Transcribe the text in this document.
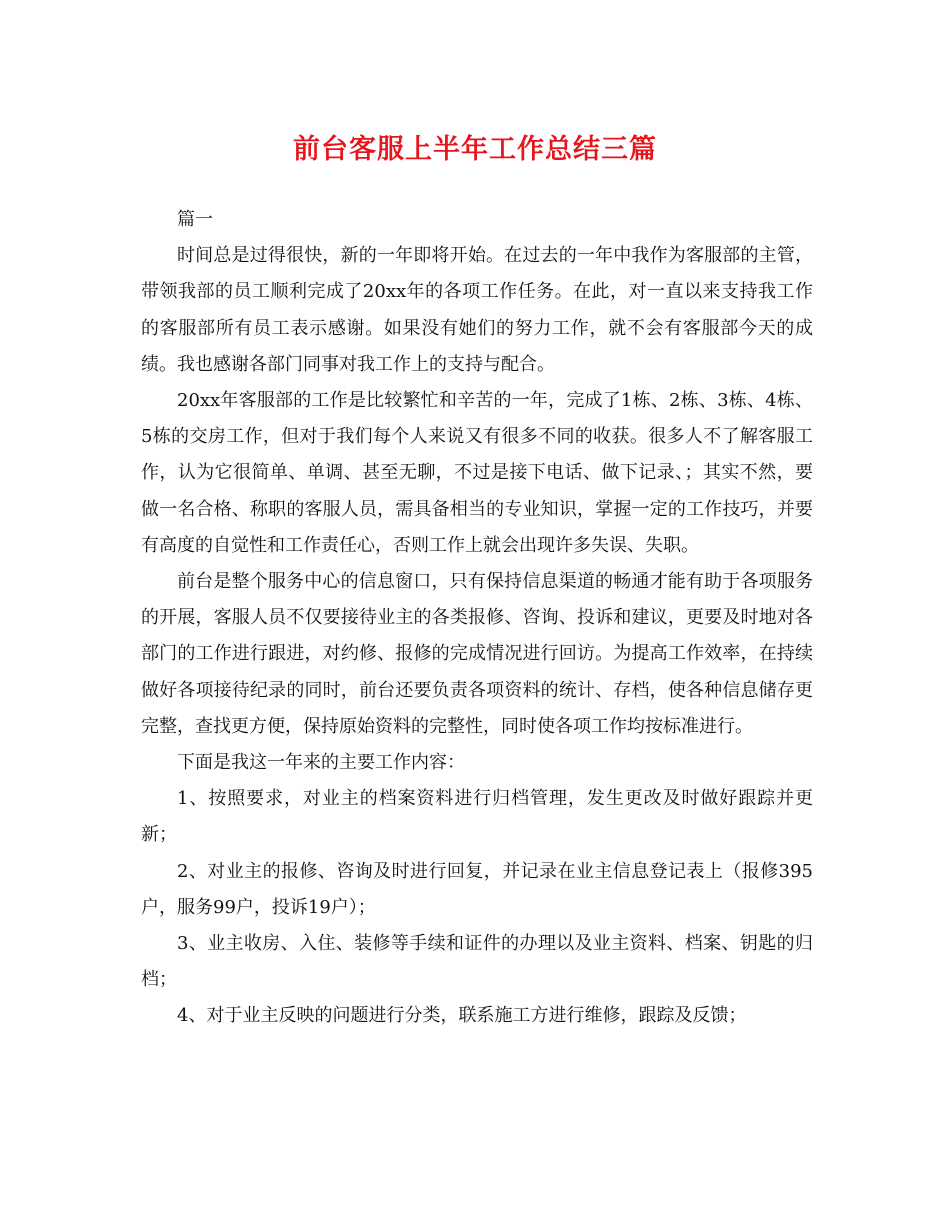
前台客服上半年工作总结三篇

篇一

时间总是过得很快，新的一年即将开始。在过去的一年中我作为客服部的主管，带领我部的员工顺利完成了20xx年的各项工作任务。在此，对一直以来支持我工作的客服部所有员工表示感谢。如果没有她们的努力工作，就不会有客服部今天的成绩。我也感谢各部门同事对我工作上的支持与配合。

20xx年客服部的工作是比较繁忙和辛苦的一年，完成了1栋、2栋、3栋、4栋、5栋的交房工作，但对于我们每个人来说又有很多不同的收获。很多人不了解客服工作，认为它很简单、单调、甚至无聊，不过是接下电话、做下记录、；其实不然，要做一名合格、称职的客服人员，需具备相当的专业知识，掌握一定的工作技巧，并要有高度的自觉性和工作责任心，否则工作上就会出现许多失误、失职。

前台是整个服务中心的信息窗口，只有保持信息渠道的畅通才能有助于各项服务的开展，客服人员不仅要接待业主的各类报修、咨询、投诉和建议，更要及时地对各部门的工作进行跟进，对约修、报修的完成情况进行回访。为提高工作效率，在持续做好各项接待纪录的同时，前台还要负责各项资料的统计、存档，使各种信息储存更完整，查找更方便，保持原始资料的完整性，同时使各项工作均按标准进行。

下面是我这一年来的主要工作内容：

1、按照要求，对业主的档案资料进行归档管理，发生更改及时做好跟踪并更新；

2、对业主的报修、咨询及时进行回复，并记录在业主信息登记表上（报修395户，服务99户，投诉19户）；

3、业主收房、入住、装修等手续和证件的办理以及业主资料、档案、钥匙的归档；

4、对于业主反映的问题进行分类，联系施工方进行维修，跟踪及反馈；
